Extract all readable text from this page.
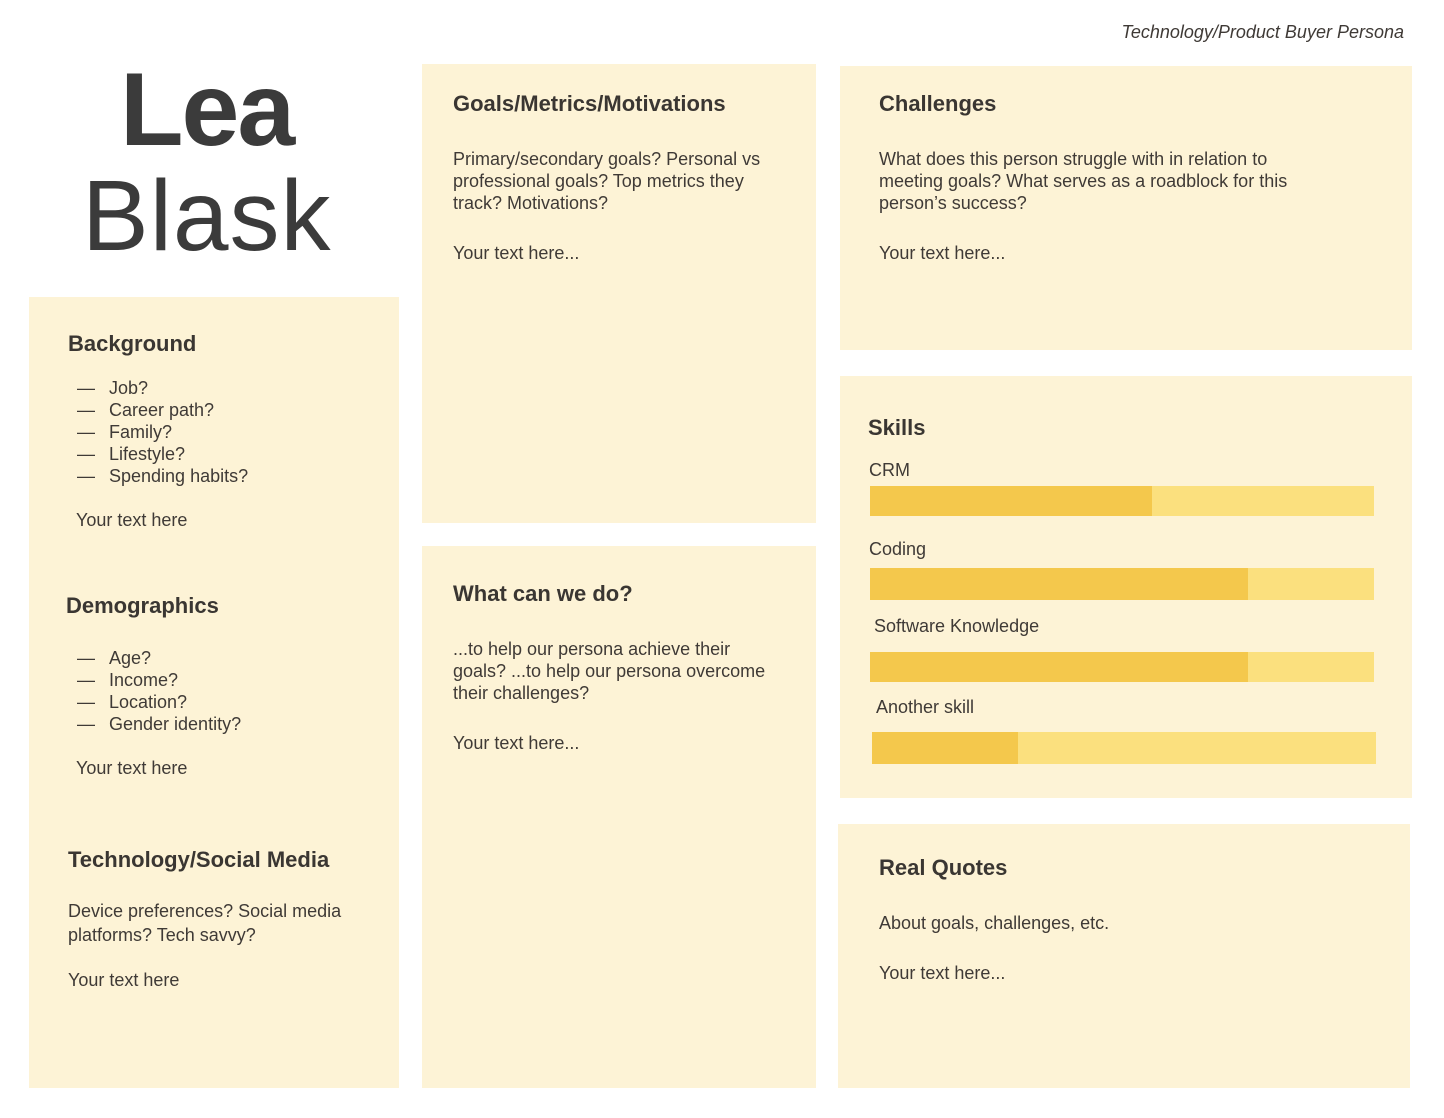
Technology/Product Buyer Persona
Lea
Blask
Background
— Job?
— Career path?
— Family?
— Lifestyle?
— Spending habits?

Your text here

Demographics
— Age?
— Income?
— Location?
— Gender identity?

Your text here

Technology/Social Media

Device preferences? Social media platforms? Tech savvy?

Your text here

Goals/Metrics/Motivations

Primary/secondary goals? Personal vs professional goals? Top metrics they track? Motivations?

Your text here...

What can we do?

...to help our persona achieve their goals? ...to help our persona overcome their challenges?

Your text here...

Challenges

What does this person struggle with in relation to meeting goals? What serves as a roadblock for this person’s success?

Your text here...

Skills
CRM
Coding
Software Knowledge
Another skill
Real Quotes

About goals, challenges, etc.

Your text here...
